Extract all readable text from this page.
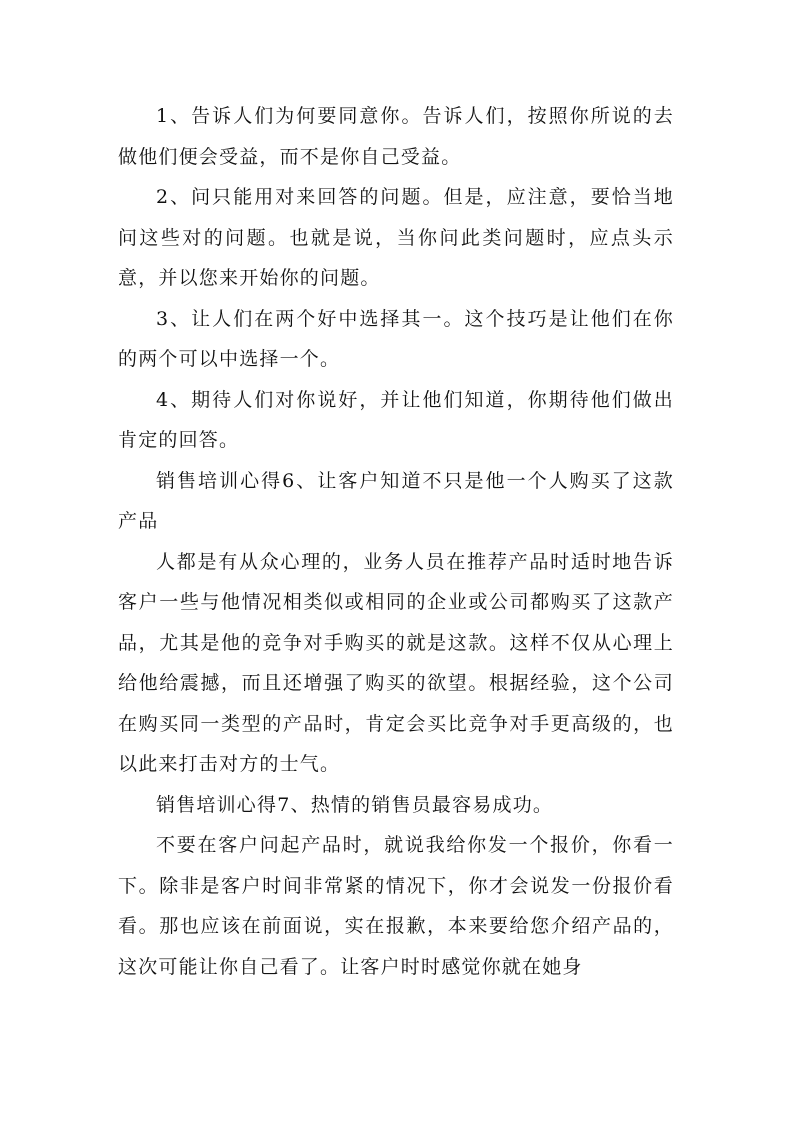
1、告诉人们为何要同意你。告诉人们，按照你所说的去做他们便会受益，而不是你自己受益。

2、问只能用对来回答的问题。但是，应注意，要恰当地问这些对的问题。也就是说，当你问此类问题时，应点头示意，并以您来开始你的问题。

3、让人们在两个好中选择其一。这个技巧是让他们在你的两个可以中选择一个。

4、期待人们对你说好，并让他们知道，你期待他们做出肯定的回答。

销售培训心得6、让客户知道不只是他一个人购买了这款产品

人都是有从众心理的，业务人员在推荐产品时适时地告诉客户一些与他情况相类似或相同的企业或公司都购买了这款产品，尤其是他的竞争对手购买的就是这款。这样不仅从心理上给他给震撼，而且还增强了购买的欲望。根据经验，这个公司在购买同一类型的产品时，肯定会买比竞争对手更高级的，也以此来打击对方的士气。

销售培训心得7、热情的销售员最容易成功。

不要在客户问起产品时，就说我给你发一个报价，你看一下。除非是客户时间非常紧的情况下，你才会说发一份报价看看。那也应该在前面说，实在报歉，本来要给您介绍产品的，这次可能让你自己看了。让客户时时感觉你就在她身
